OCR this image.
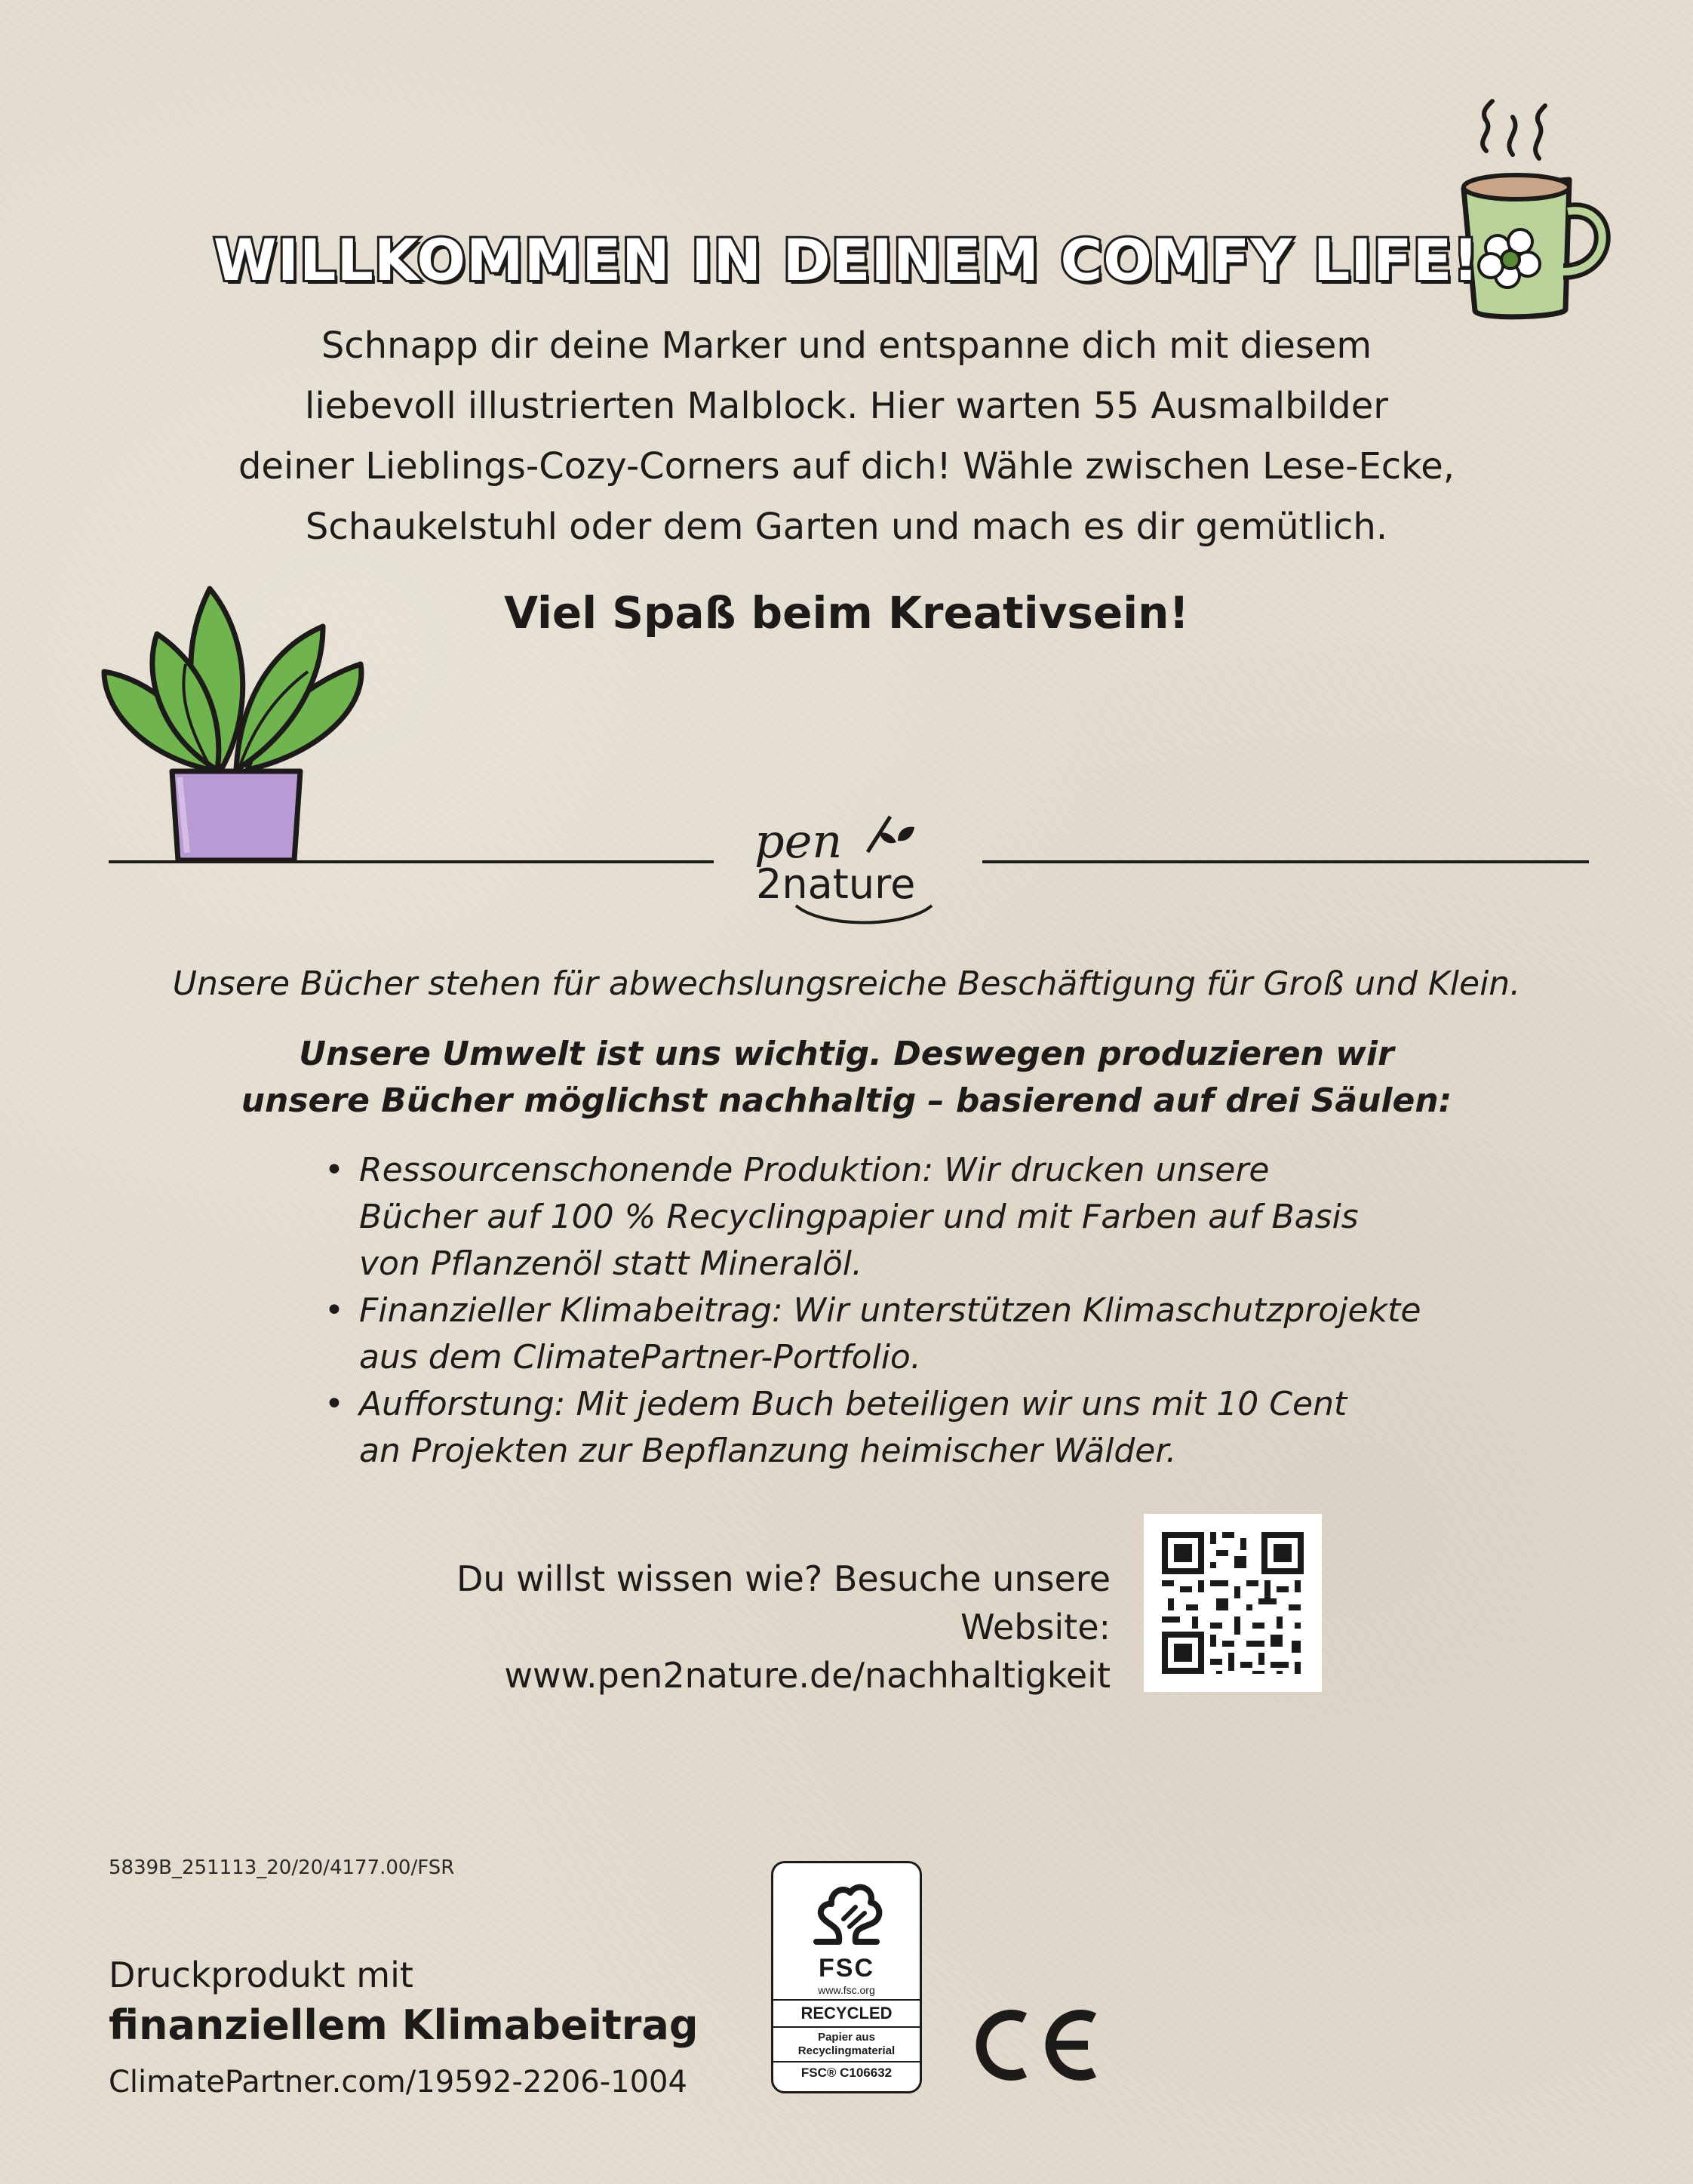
WILLKOMMEN IN DEINEM COMFY LIFE!
Schnapp dir deine Marker und entspanne dich mit diesem
liebevoll illustrierten Malblock. Hier warten 55 Ausmalbilder
deiner Lieblings-Cozy-Corners auf dich! Wähle zwischen Lese-Ecke,
Schaukelstuhl oder dem Garten und mach es dir gemütlich.
Viel Spaß beim Kreativsein!
pen
2nature
Unsere Bücher stehen für abwechslungsreiche Beschäftigung für Groß und Klein.
Unsere Umwelt ist uns wichtig. Deswegen produzieren wir
unsere Bücher möglichst nachhaltig – basierend auf drei Säulen:
• Ressourcenschonende Produktion: Wir drucken unsere
Bücher auf 100 % Recyclingpapier und mit Farben auf Basis
von Pflanzenöl statt Mineralöl.
• Finanzieller Klimabeitrag: Wir unterstützen Klimaschutzprojekte
aus dem ClimatePartner-Portfolio.
• Aufforstung: Mit jedem Buch beteiligen wir uns mit 10 Cent
an Projekten zur Bepflanzung heimischer Wälder.
Du willst wissen wie? Besuche unsere Website:
www.pen2nature.de/nachhaltigkeit
5839B_251113_20/20/4177.00/FSR
Druckprodukt mit
finanziellem Klimabeitrag
ClimatePartner.com/19592-2206-1004
FSC
www.fsc.org
RECYCLED
Papier aus
Recyclingmaterial
FSC® C106632
